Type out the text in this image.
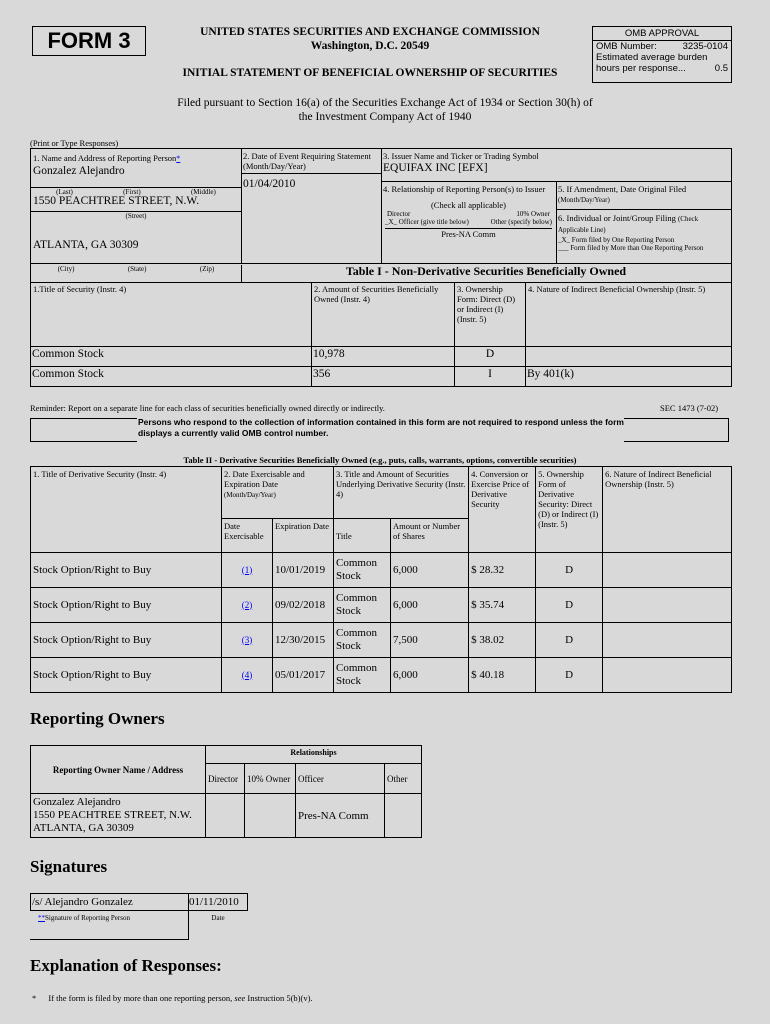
FORM 3	UNITED STATES SECURITIES AND EXCHANGE COMMISSION
Washington, D.C. 20549
INITIAL STATEMENT OF BENEFICIAL OWNERSHIP OF SECURITIES
OMB APPROVAL
OMB Number:	3235-0104
Estimated average burden
hours per response...	0.5
Filed pursuant to Section 16(a) of the Securities Exchange Act of 1934 or Section 30(h) of
the Investment Company Act of 1940
(Print or Type Responses)
1. Name and Address of Reporting Person*
Gonzalez Alejandro
(Last)	(First)	(Middle)
1550 PEACHTREE STREET, N.W.
(Street)
ATLANTA, GA 30309
2. Date of Event Requiring Statement (Month/Day/Year)
01/04/2010
3. Issuer Name and Ticker or Trading Symbol
EQUIFAX INC [EFX]
4. Relationship of Reporting Person(s) to Issuer
(Check all applicable)
Director	10% Owner
_X_ Officer (give title below)	Other (specify below)
Pres-NA Comm
5. If Amendment, Date Original Filed (Month/Day/Year)
6. Individual or Joint/Group Filing (Check Applicable Line)
_X_ Form filed by One Reporting Person
___ Form filed by More than One Reporting Person
(City)	(State)	(Zip)	Table I - Non-Derivative Securities Beneficially Owned
1.Title of Security (Instr. 4)	2. Amount of Securities Beneficially Owned (Instr. 4)	3. Ownership Form: Direct (D) or Indirect (I) (Instr. 5)	4. Nature of Indirect Beneficial Ownership (Instr. 5)
Common Stock	10,978	D	
Common Stock	356	I	By 401(k)
Reminder: Report on a separate line for each class of securities beneficially owned directly or indirectly.	SEC 1473 (7-02)
Persons who respond to the collection of information contained in this form are not required to respond unless the form displays a currently valid OMB control number.
Table II - Derivative Securities Beneficially Owned (e.g., puts, calls, warrants, options, convertible securities)
1. Title of Derivative Security (Instr. 4)	2. Date Exercisable and Expiration Date
(Month/Day/Year)		3. Title and Amount of Securities Underlying Derivative Security (Instr. 4)		4. Conversion or Exercise Price of Derivative Security	5. Ownership Form of Derivative Security: Direct (D) or Indirect (I) (Instr. 5)	6. Nature of Indirect Beneficial Ownership (Instr. 5)
	Date Exercisable	Expiration Date	Title	Amount or Number of Shares			
Stock Option/Right to Buy	(1)	10/01/2019	Common Stock	6,000	$ 28.32	D	
Stock Option/Right to Buy	(2)	09/02/2018	Common Stock	6,000	$ 35.74	D	
Stock Option/Right to Buy	(3)	12/30/2015	Common Stock	7,500	$ 38.02	D	
Stock Option/Right to Buy	(4)	05/01/2017	Common Stock	6,000	$ 40.18	D	
Reporting Owners
Reporting Owner Name / Address	Relationships			
	Director	10% Owner	Officer	Other

Gonzalez Alejandro
1550 PEACHTREE STREET, N.W.
ATLANTA, GA 30309			Pres-NA Comm	
Signatures
/s/ Alejandro Gonzalez
**Signature of Reporting Person
01/11/2010
Date
Explanation of Responses:
* If the form is filed by more than one reporting person, see Instruction 5(b)(v).
